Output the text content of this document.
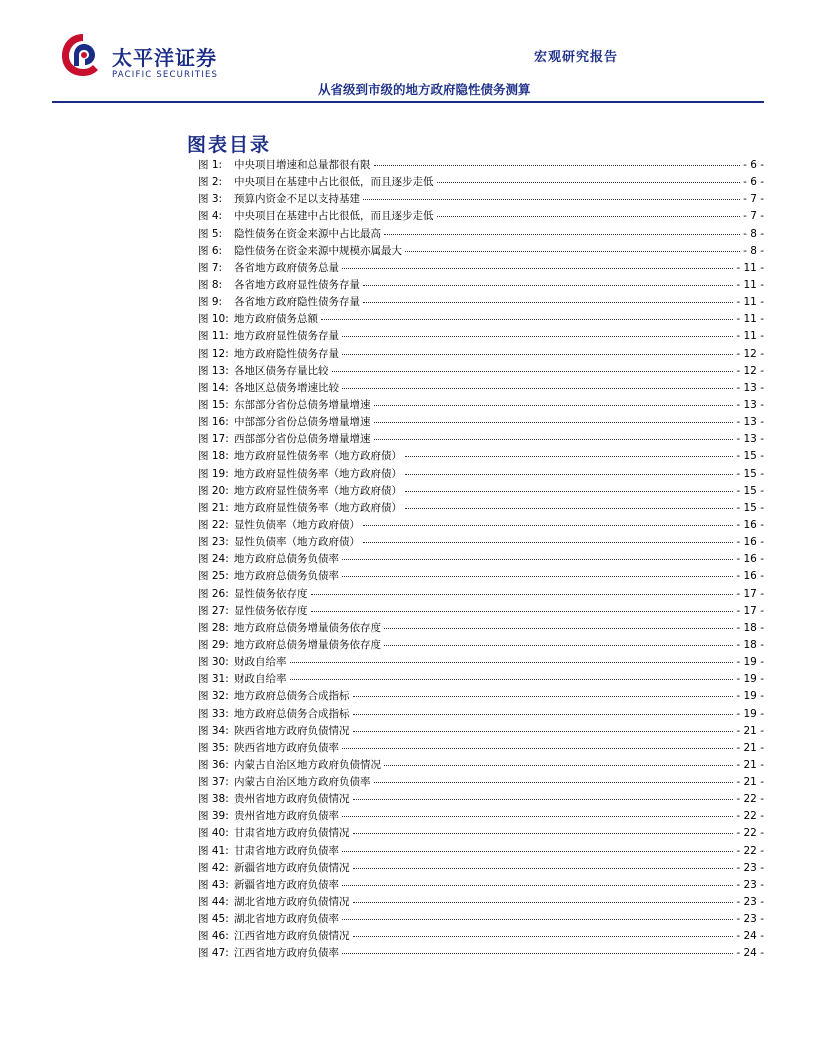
太平洋证券
PACIFIC SECURITIES
宏观研究报告
从省级到市级的地方政府隐性债务测算
图表目录
图 1:	中央项目增速和总量都很有限	- 6 -
图 2:	中央项目在基建中占比很低，而且逐步走低	- 6 -
图 3:	预算内资金不足以支持基建	- 7 -
图 4:	中央项目在基建中占比很低，而且逐步走低	- 7 -
图 5:	隐性债务在资金来源中占比最高	- 8 -
图 6:	隐性债务在资金来源中规模亦属最大	- 8 -
图 7:	各省地方政府债务总量	- 11 -
图 8:	各省地方政府显性债务存量	- 11 -
图 9:	各省地方政府隐性债务存量	- 11 -
图 10: 地方政府债务总额	- 11 -
图 11: 地方政府显性债务存量	- 11 -
图 12: 地方政府隐性债务存量	- 12 -
图 13: 各地区债务存量比较	- 12 -
图 14: 各地区总债务增速比较	- 13 -
图 15: 东部部分省份总债务增量增速	- 13 -
图 16: 中部部分省份总债务增量增速	- 13 -
图 17: 西部部分省份总债务增量增速	- 13 -
图 18: 地方政府显性债务率（地方政府债）	- 15 -
图 19: 地方政府显性债务率（地方政府债）	- 15 -
图 20: 地方政府显性债务率（地方政府债）	- 15 -
图 21: 地方政府显性债务率（地方政府债）	- 15 -
图 22: 显性负债率（地方政府债）	- 16 -
图 23: 显性负债率（地方政府债）	- 16 -
图 24: 地方政府总债务负债率	- 16 -
图 25: 地方政府总债务负债率	- 16 -
图 26: 显性债务依存度	- 17 -
图 27: 显性债务依存度	- 17 -
图 28: 地方政府总债务增量债务依存度	- 18 -
图 29: 地方政府总债务增量债务依存度	- 18 -
图 30: 财政自给率	- 19 -
图 31: 财政自给率	- 19 -
图 32: 地方政府总债务合成指标	- 19 -
图 33: 地方政府总债务合成指标	- 19 -
图 34: 陕西省地方政府负债情况	- 21 -
图 35: 陕西省地方政府负债率	- 21 -
图 36: 内蒙古自治区地方政府负债情况	- 21 -
图 37: 内蒙古自治区地方政府负债率	- 21 -
图 38: 贵州省地方政府负债情况	- 22 -
图 39: 贵州省地方政府负债率	- 22 -
图 40: 甘肃省地方政府负债情况	- 22 -
图 41: 甘肃省地方政府负债率	- 22 -
图 42: 新疆省地方政府负债情况	- 23 -
图 43: 新疆省地方政府负债率	- 23 -
图 44: 湖北省地方政府负债情况	- 23 -
图 45: 湖北省地方政府负债率	- 23 -
图 46: 江西省地方政府负债情况	- 24 -
图 47: 江西省地方政府负债率	- 24 -
